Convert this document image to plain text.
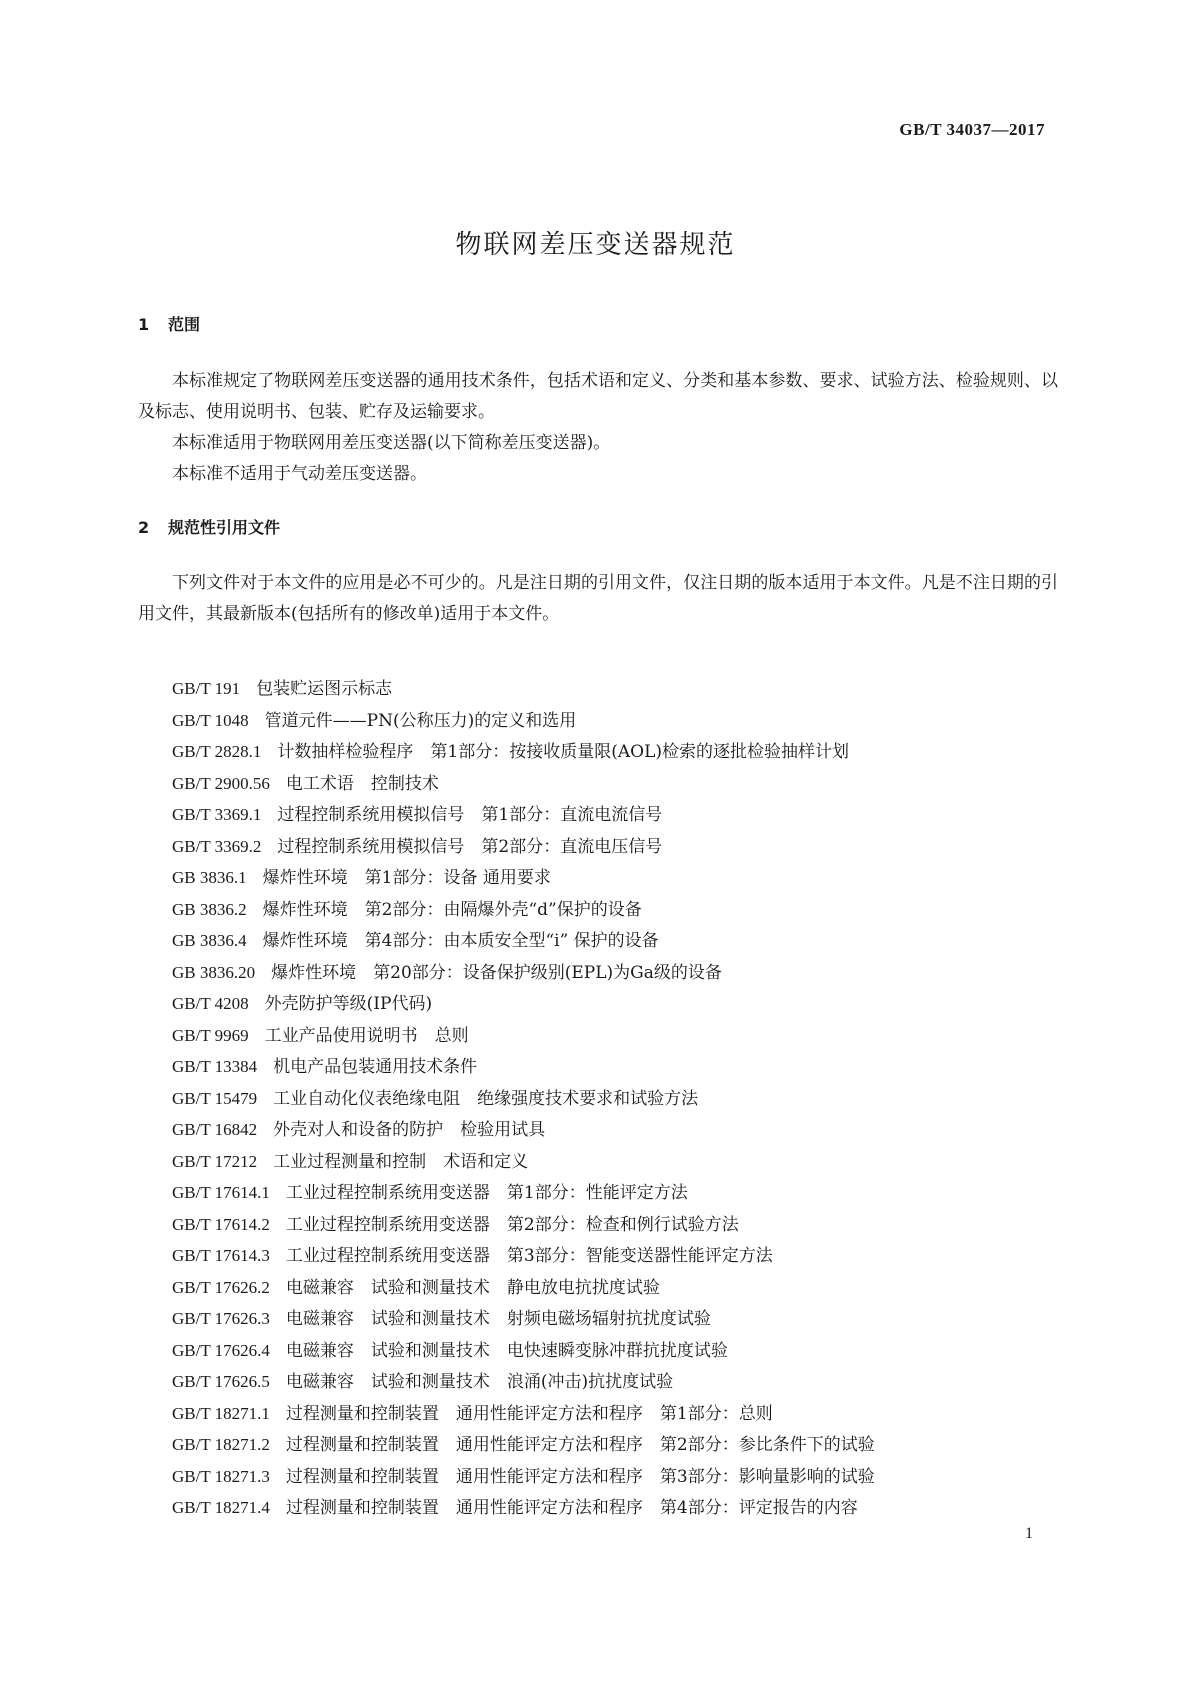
GB/T 34037—2017
物联网差压变送器规范
1 范围

本标准规定了物联网差压变送器的通用技术条件，包括术语和定义、分类和基本参数、要求、试验方法、检验规则、以及标志、使用说明书、包装、贮存及运输要求。

本标准适用于物联网用差压变送器(以下简称差压变送器)。

本标准不适用于气动差压变送器。

2 规范性引用文件

下列文件对于本文件的应用是必不可少的。凡是注日期的引用文件，仅注日期的版本适用于本文件。凡是不注日期的引用文件，其最新版本(包括所有的修改单)适用于本文件。

GB/T 191 包装贮运图示标志
GB/T 1048 管道元件——PN(公称压力)的定义和选用
GB/T 2828.1 计数抽样检验程序　第1部分：按接收质量限(AOL)检索的逐批检验抽样计划
GB/T 2900.56 电工术语　控制技术
GB/T 3369.1 过程控制系统用模拟信号　第1部分：直流电流信号
GB/T 3369.2 过程控制系统用模拟信号　第2部分：直流电压信号
GB 3836.1 爆炸性环境　第1部分：设备 通用要求
GB 3836.2 爆炸性环境　第2部分：由隔爆外壳“d”保护的设备
GB 3836.4 爆炸性环境　第4部分：由本质安全型“i” 保护的设备
GB 3836.20 爆炸性环境　第20部分：设备保护级别(EPL)为Ga级的设备
GB/T 4208 外壳防护等级(IP代码)
GB/T 9969 工业产品使用说明书　总则
GB/T 13384 机电产品包装通用技术条件
GB/T 15479 工业自动化仪表绝缘电阻　绝缘强度技术要求和试验方法
GB/T 16842 外壳对人和设备的防护　检验用试具
GB/T 17212 工业过程测量和控制　术语和定义
GB/T 17614.1 工业过程控制系统用变送器　第1部分：性能评定方法
GB/T 17614.2 工业过程控制系统用变送器　第2部分：检查和例行试验方法
GB/T 17614.3 工业过程控制系统用变送器　第3部分：智能变送器性能评定方法
GB/T 17626.2 电磁兼容　试验和测量技术　静电放电抗扰度试验
GB/T 17626.3 电磁兼容　试验和测量技术　射频电磁场辐射抗扰度试验
GB/T 17626.4 电磁兼容　试验和测量技术　电快速瞬变脉冲群抗扰度试验
GB/T 17626.5 电磁兼容　试验和测量技术　浪涌(冲击)抗扰度试验
GB/T 18271.1 过程测量和控制装置　通用性能评定方法和程序　第1部分：总则
GB/T 18271.2 过程测量和控制装置　通用性能评定方法和程序　第2部分：参比条件下的试验
GB/T 18271.3 过程测量和控制装置　通用性能评定方法和程序　第3部分：影响量影响的试验
GB/T 18271.4 过程测量和控制装置　通用性能评定方法和程序　第4部分：评定报告的内容
1
